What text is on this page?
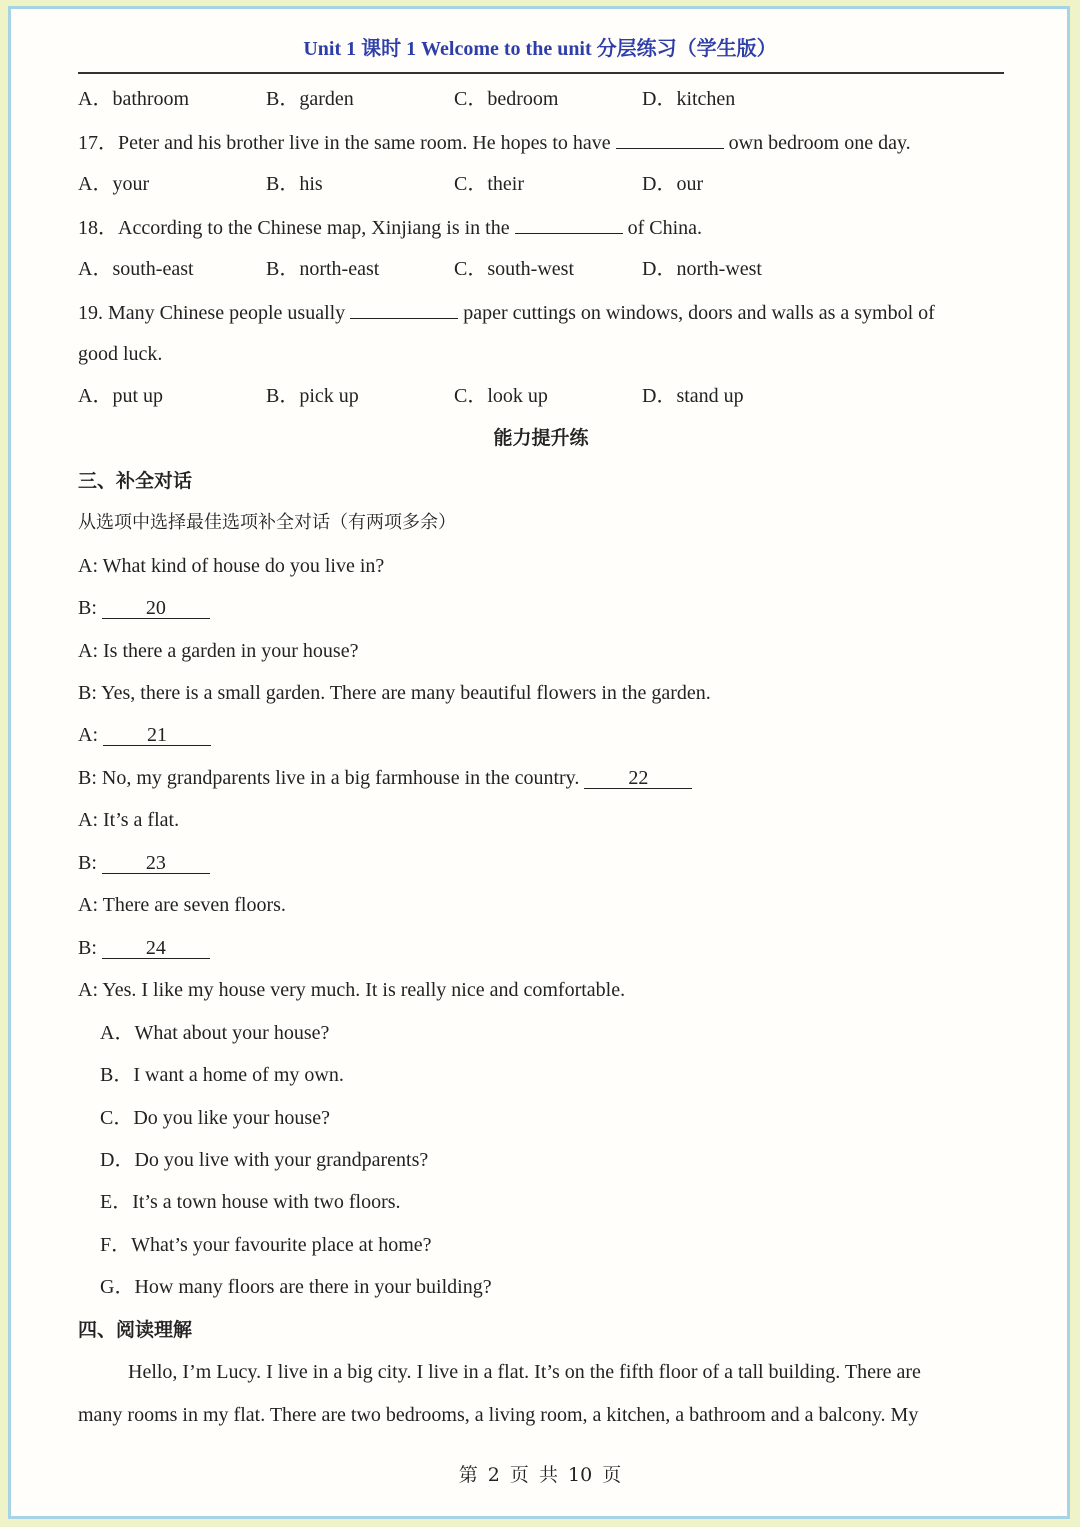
Unit 1 课时 1 Welcome to the unit 分层练习（学生版）
A．bathroom	B．garden	C．bedroom	D．kitchen
17．Peter and his brother live in the same room. He hopes to have	own bedroom one day.
A．your	B．his	C．their	D．our
18．According to the Chinese map, Xinjiang is in the	of China.
A．south-east	B．north-east	C．south-west	D．north-west
19. Many Chinese people usually	paper cuttings on windows, doors and walls as a symbol of
good luck.
A．put up	B．pick up	C．look up	D．stand up
能力提升练
三、补全对话
从选项中选择最佳选项补全对话（有两项多余）
A: What kind of house do you live in?
B: 20
A: Is there a garden in your house?
B: Yes, there is a small garden. There are many beautiful flowers in the garden.
A: 21
B: No, my grandparents live in a big farmhouse in the country. 22
A: It’s a flat.
B: 23
A: There are seven floors.
B: 24
A: Yes. I like my house very much. It is really nice and comfortable.
A．What about your house?
B．I want a home of my own.
C．Do you like your house?
D．Do you live with your grandparents?
E．It’s a town house with two floors.
F．What’s your favourite place at home?
G．How many floors are there in your building?
四、阅读理解
Hello, I’m Lucy. I live in a big city. I live in a flat. It’s on the fifth floor of a tall building. There are
many rooms in my flat. There are two bedrooms, a living room, a kitchen, a bathroom and a balcony. My
第 2 页 共 10 页
